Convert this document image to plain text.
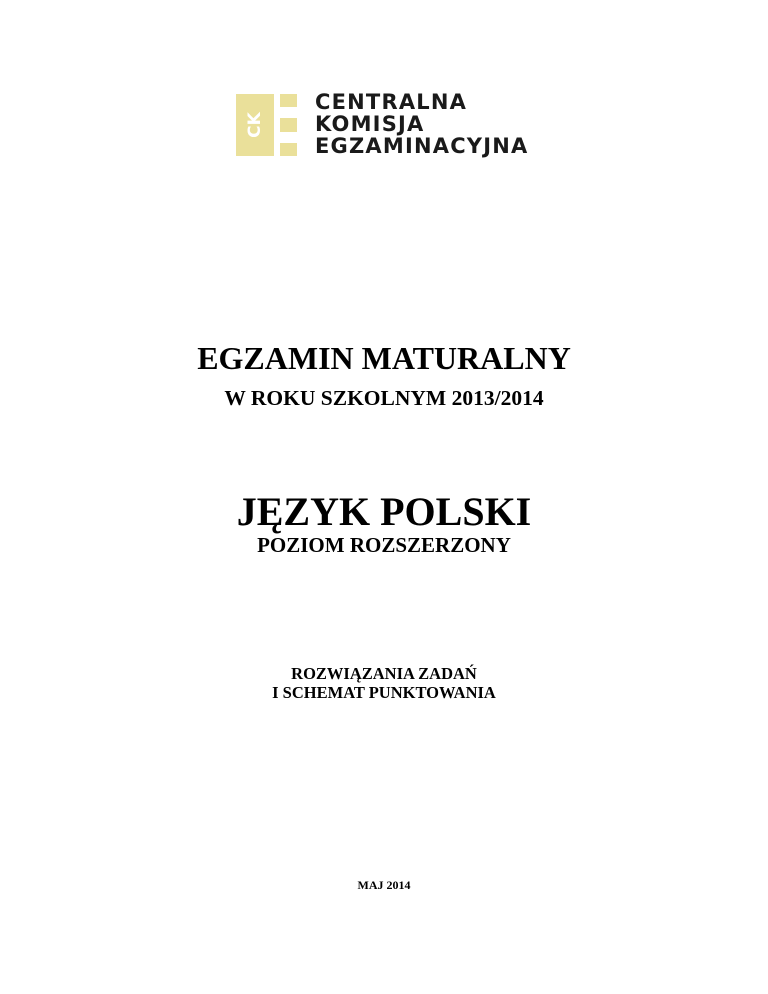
CK
CENTRALNA
KOMISJA
EGZAMINACYJNA
EGZAMIN MATURALNY
W ROKU SZKOLNYM 2013/2014
JĘZYK POLSKI
POZIOM ROZSZERZONY
ROZWIĄZANIA ZADAŃ
I SCHEMAT PUNKTOWANIA
MAJ 2014
